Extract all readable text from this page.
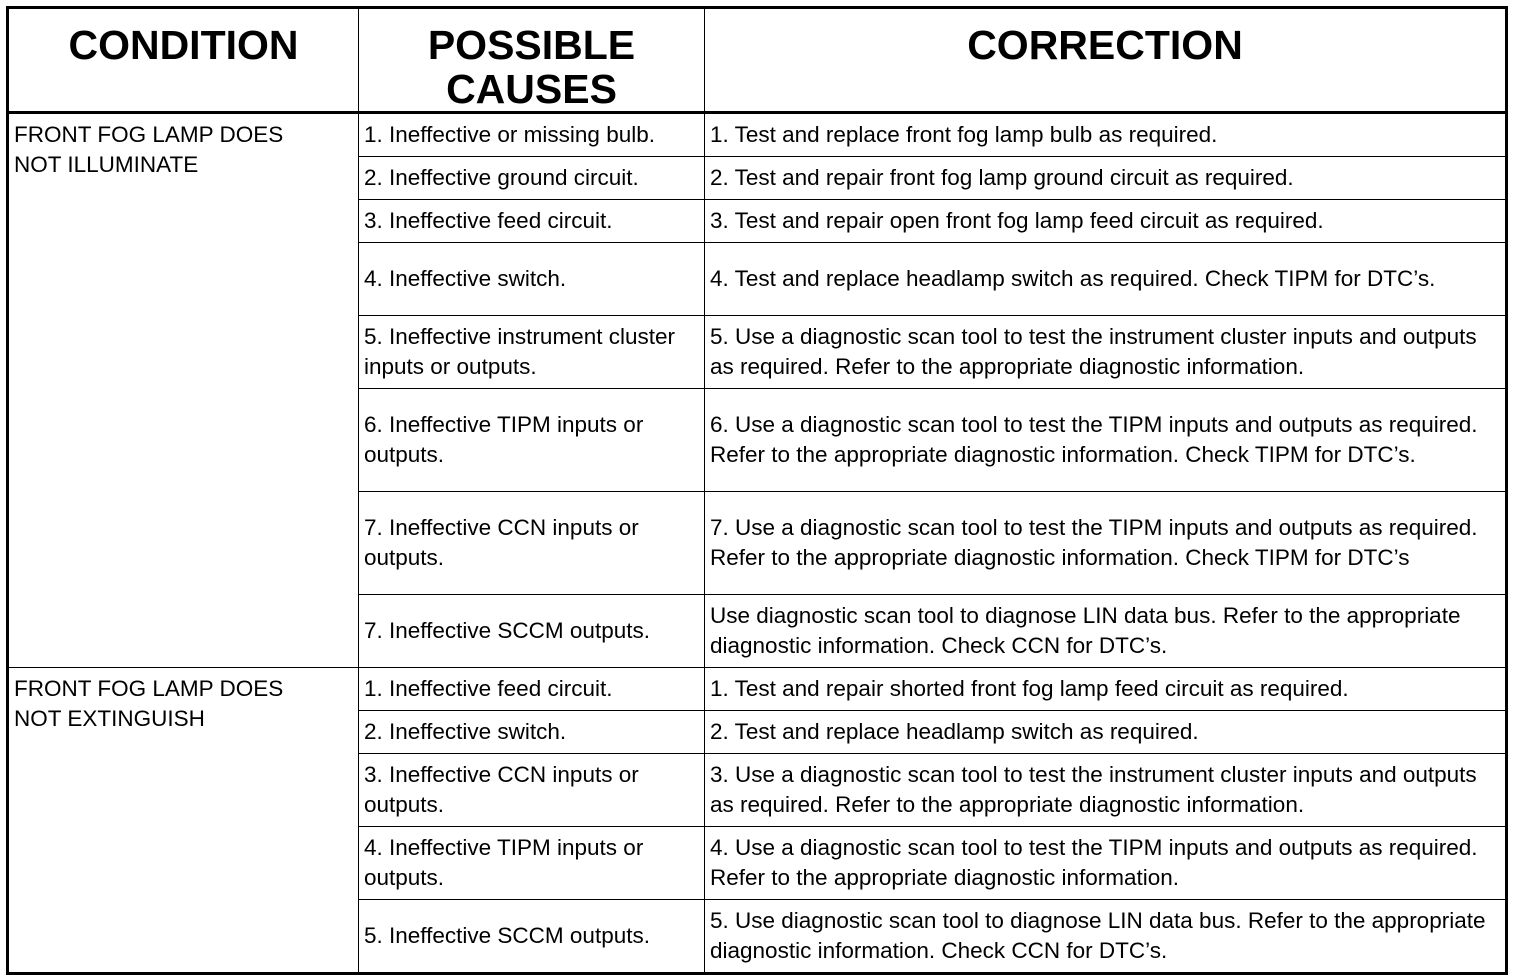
CONDITION	POSSIBLE CAUSES	CORRECTION
FRONT FOG LAMP DOES NOT ILLUMINATE	1. Ineffective or missing bulb.	1. Test and replace front fog lamp bulb as required.
	2. Ineffective ground circuit.	2. Test and repair front fog lamp ground circuit as required.
	3. Ineffective feed circuit.	3. Test and repair open front fog lamp feed circuit as required.
	4. Ineffective switch.	4. Test and replace headlamp switch as required. Check TIPM for DTC’s.
	5. Ineffective instrument cluster inputs or outputs.	5. Use a diagnostic scan tool to test the instrument cluster inputs and outputs as required. Refer to the appropriate diagnostic information.
	6. Ineffective TIPM inputs or outputs.	6. Use a diagnostic scan tool to test the TIPM inputs and outputs as required. Refer to the appropriate diagnostic information. Check TIPM for DTC’s.
	7. Ineffective CCN inputs or outputs.	7. Use a diagnostic scan tool to test the TIPM inputs and outputs as required. Refer to the appropriate diagnostic information. Check TIPM for DTC’s
	7. Ineffective SCCM outputs.	Use diagnostic scan tool to diagnose LIN data bus. Refer to the appropriate diagnostic information. Check CCN for DTC’s.
FRONT FOG LAMP DOES NOT EXTINGUISH	1. Ineffective feed circuit.	1. Test and repair shorted front fog lamp feed circuit as required.
	2. Ineffective switch.	2. Test and replace headlamp switch as required.
	3. Ineffective CCN inputs or outputs.	3. Use a diagnostic scan tool to test the instrument cluster inputs and outputs as required. Refer to the appropriate diagnostic information.
	4. Ineffective TIPM inputs or outputs.	4. Use a diagnostic scan tool to test the TIPM inputs and outputs as required. Refer to the appropriate diagnostic information.
	5. Ineffective SCCM outputs.	5. Use diagnostic scan tool to diagnose LIN data bus. Refer to the appropriate diagnostic information. Check CCN for DTC’s.
